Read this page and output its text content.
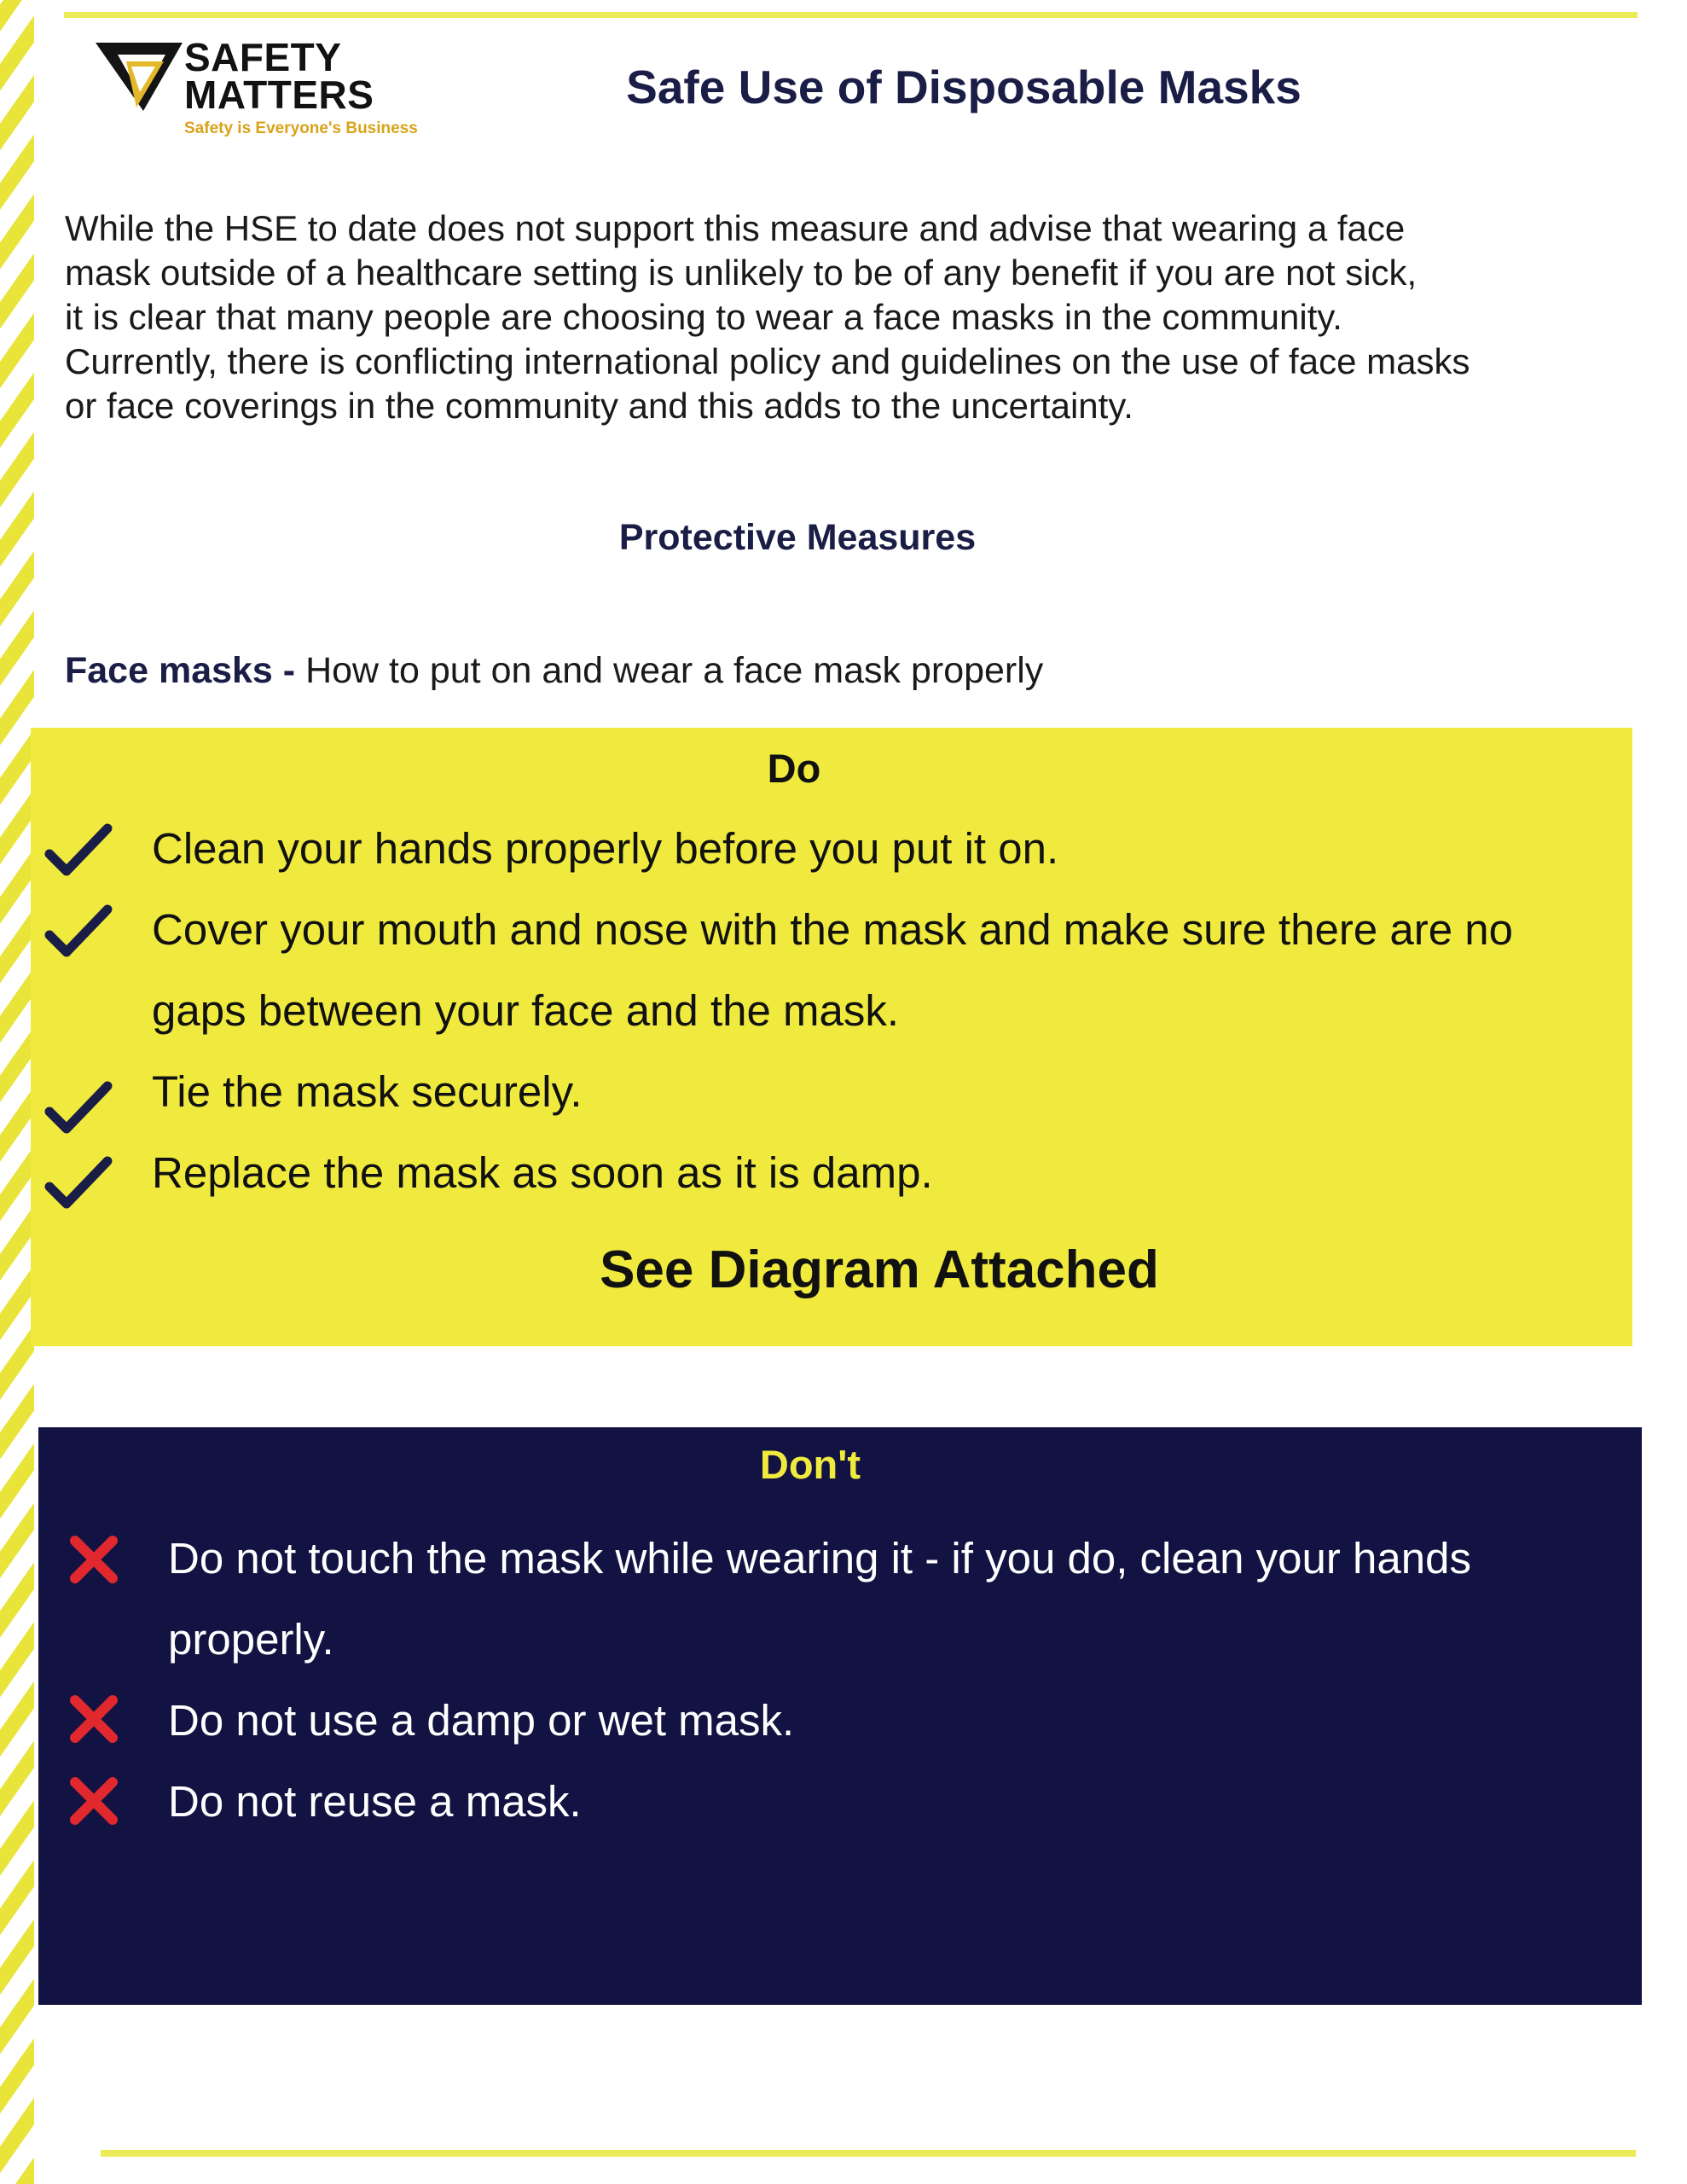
SAFETY
MATTERS
Safety is Everyone's Business
Safe Use of Disposable Masks

While the HSE to date does not support this measure and advise that wearing a face
mask outside of a healthcare setting is unlikely to be of any benefit if you are not sick,
it is clear that many people are choosing to wear a face masks in the community.
Currently, there is conflicting international policy and guidelines on the use of face masks
or face coverings in the community and this adds to the uncertainty.

Protective Measures
Face masks - How to put on and wear a face mask properly
Do
Clean your hands properly before you put it on.
Cover your mouth and nose with the mask and make sure there are no gaps between your face and the mask.
Tie the mask securely.
Replace the mask as soon as it is damp.
See Diagram Attached
Don't
Do not touch the mask while wearing it - if you do, clean your hands properly.
Do not use a damp or wet mask.
Do not reuse a mask.
